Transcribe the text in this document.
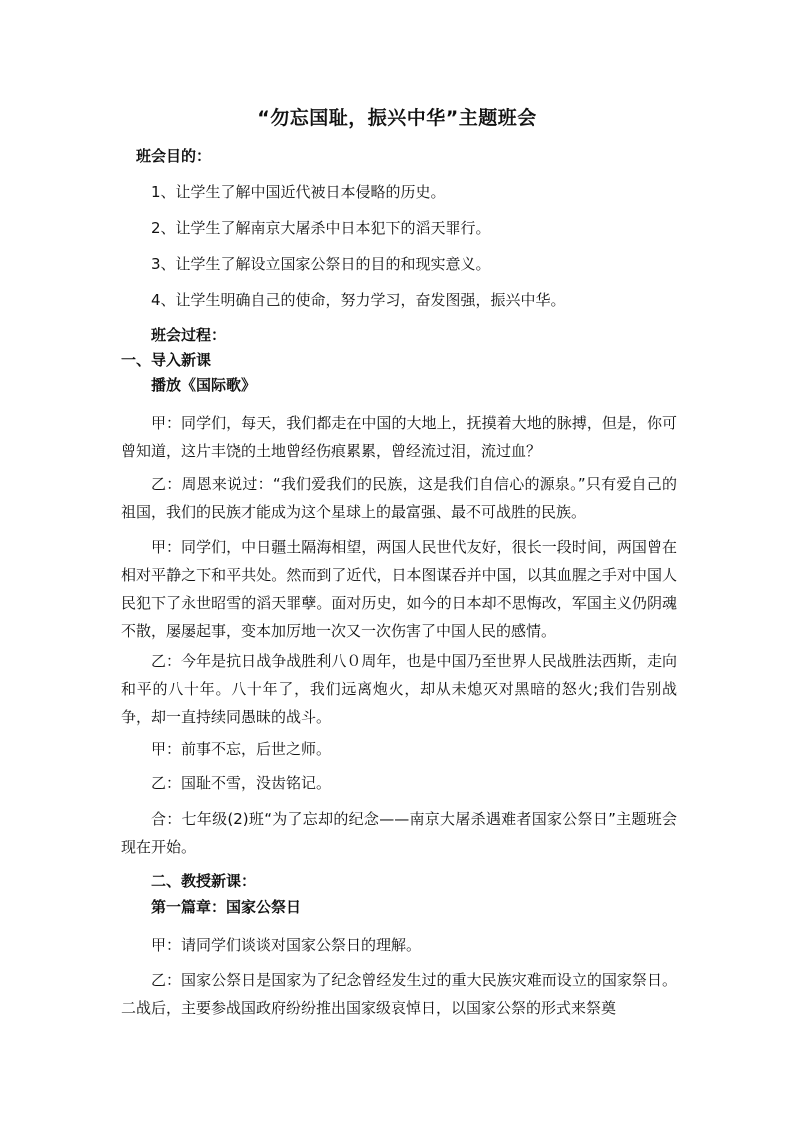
“勿忘国耻，振兴中华”主题班会
班会目的：
1、让学生了解中国近代被日本侵略的历史。
2、让学生了解南京大屠杀中日本犯下的滔天罪行。
3、让学生了解设立国家公祭日的目的和现实意义。
4、让学生明确自己的使命，努力学习，奋发图强，振兴中华。
班会过程：
一、导入新课
播放《国际歌》
甲：同学们，每天，我们都走在中国的大地上，抚摸着大地的脉搏，但是，你可曾知道，这片丰饶的土地曾经伤痕累累，曾经流过泪，流过血？
乙：周恩来说过：“我们爱我们的民族，这是我们自信心的源泉。”只有爱自己的祖国，我们的民族才能成为这个星球上的最富强、最不可战胜的民族。
甲：同学们，中日疆土隔海相望，两国人民世代友好，很长一段时间，两国曾在相对平静之下和平共处。然而到了近代，日本图谋吞并中国，以其血腥之手对中国人民犯下了永世昭雪的滔天罪孽。面对历史，如今的日本却不思悔改，军国主义仍阴魂不散，屡屡起事，变本加厉地一次又一次伤害了中国人民的感情。
乙：今年是抗日战争战胜利八０周年，也是中国乃至世界人民战胜法西斯，走向和平的八十年。八十年了，我们远离炮火，却从未熄灭对黑暗的怒火;我们告别战争，却一直持续同愚昧的战斗。
甲：前事不忘，后世之师。
乙：国耻不雪，没齿铭记。
合：七年级(2)班“为了忘却的纪念——南京大屠杀遇难者国家公祭日”主题班会现在开始。
二、教授新课：
第一篇章：国家公祭日
甲：请同学们谈谈对国家公祭日的理解。
乙：国家公祭日是国家为了纪念曾经发生过的重大民族灾难而设立的国家祭日。二战后，主要参战国政府纷纷推出国家级哀悼日，以国家公祭的形式来祭奠
